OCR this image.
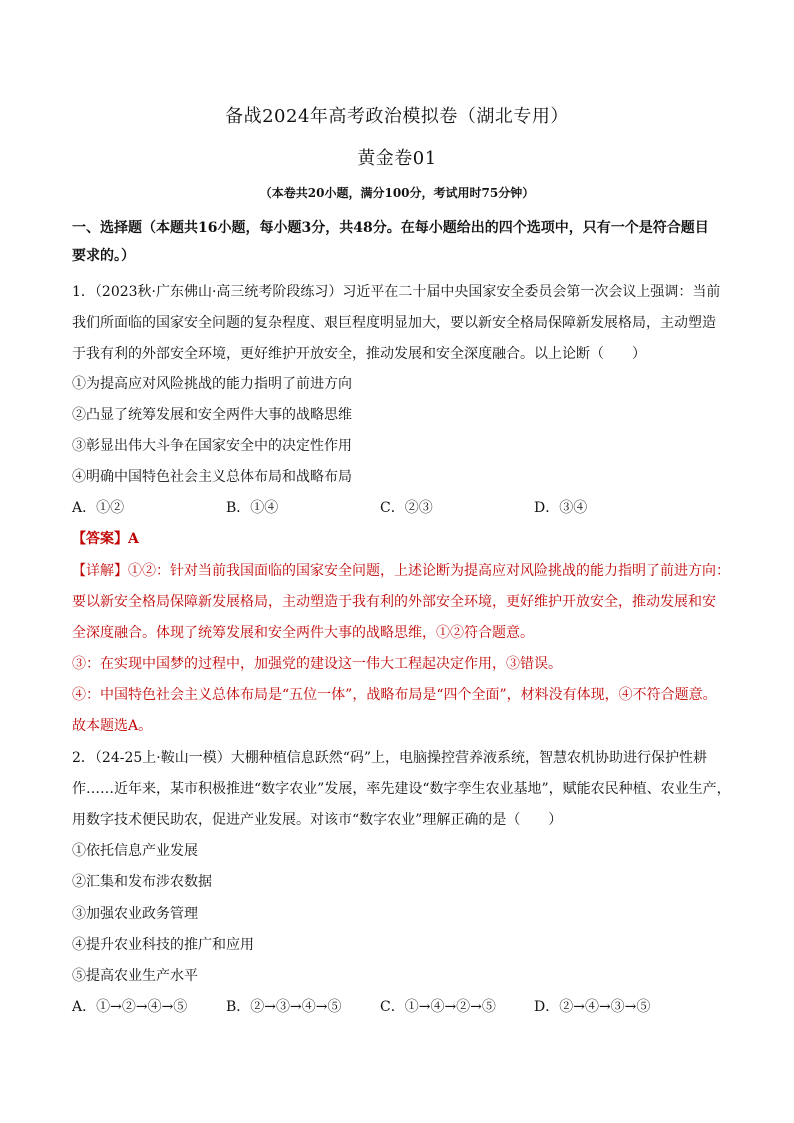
备战2024年高考政治模拟卷（湖北专用）
黄金卷01
（本卷共20小题，满分100分，考试用时75分钟）
一、选择题（本题共16小题，每小题3分，共48分。在每小题给出的四个选项中，只有一个是符合题目
要求的。）
1．（2023秋·广东佛山·高三统考阶段练习）习近平在二十届中央国家安全委员会第一次会议上强调：当前
我们所面临的国家安全问题的复杂程度、艰巨程度明显加大，要以新安全格局保障新发展格局，主动塑造
于我有利的外部安全环境，更好维护开放安全，推动发展和安全深度融合。以上论断（　　）
①为提高应对风险挑战的能力指明了前进方向
②凸显了统筹发展和安全两件大事的战略思维
③彰显出伟大斗争在国家安全中的决定性作用
④明确中国特色社会主义总体布局和战略布局
A．①②	B．①④	C．②③	D．③④
【答案】A
【详解】①②：针对当前我国面临的国家安全问题，上述论断为提高应对风险挑战的能力指明了前进方向：
要以新安全格局保障新发展格局，主动塑造于我有利的外部安全环境，更好维护开放安全，推动发展和安
全深度融合。体现了统筹发展和安全两件大事的战略思维，①②符合题意。
③：在实现中国梦的过程中，加强党的建设这一伟大工程起决定作用，③错误。
④：中国特色社会主义总体布局是“五位一体”，战略布局是“四个全面”，材料没有体现，④不符合题意。
故本题选A。
2．（24-25上·鞍山一模）大棚种植信息跃然“码”上，电脑操控营养液系统，智慧农机协助进行保护性耕
作……近年来，某市积极推进“数字农业”发展，率先建设“数字孪生农业基地”，赋能农民种植、农业生产，
用数字技术便民助农，促进产业发展。对该市“数字农业”理解正确的是（　　）
①依托信息产业发展
②汇集和发布涉农数据
③加强农业政务管理
④提升农业科技的推广和应用
⑤提高农业生产水平
A．①→②→④→⑤	B．②→③→④→⑤	C．①→④→②→⑤	D．②→④→③→⑤
